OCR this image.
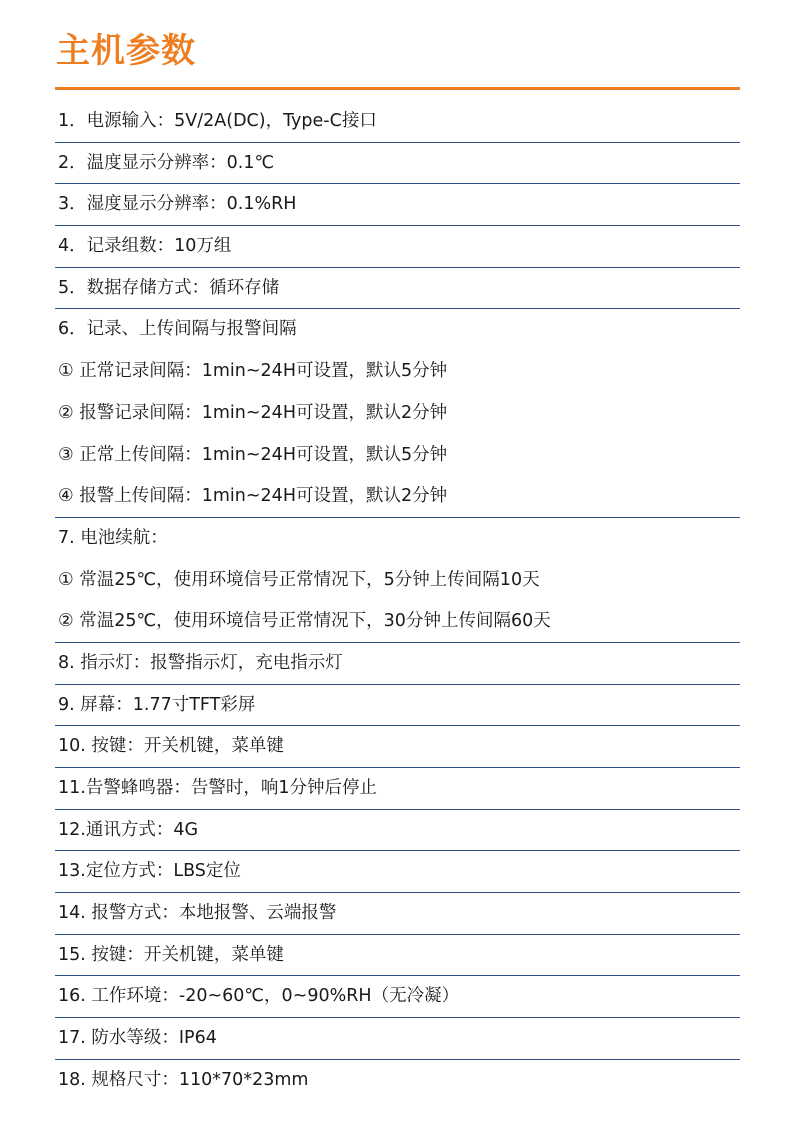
主机参数
1．电源输入：5V/2A(DC)，Type-C接口
2．温度显示分辨率：0.1℃
3．湿度显示分辨率：0.1%RH
4．记录组数：10万组
5．数据存储方式：循环存储
6．记录、上传间隔与报警间隔
① 正常记录间隔：1min~24H可设置，默认5分钟
② 报警记录间隔：1min~24H可设置，默认2分钟
③ 正常上传间隔：1min~24H可设置，默认5分钟
④ 报警上传间隔：1min~24H可设置，默认2分钟
7. 电池续航：
① 常温25℃，使用环境信号正常情况下，5分钟上传间隔10天
② 常温25℃，使用环境信号正常情况下，30分钟上传间隔60天
8. 指示灯：报警指示灯，充电指示灯
9. 屏幕：1.77寸TFT彩屏
10. 按键：开关机键，菜单键
11.告警蜂鸣器：告警时，响1分钟后停止
12.通讯方式：4G
13.定位方式：LBS定位
14. 报警方式：本地报警、云端报警
15. 按键：开关机键，菜单键
16. 工作环境：-20~60℃，0~90%RH（无冷凝）
17. 防水等级：IP64
18. 规格尺寸：110*70*23mm
